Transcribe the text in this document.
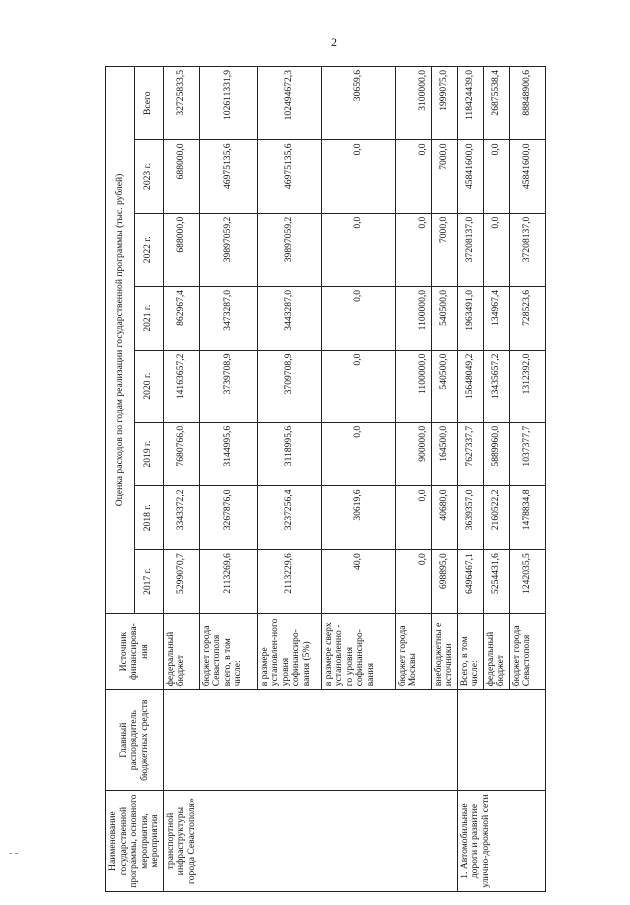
2
- -	Наименование государственной программы, основного мероприятия, мероприятия	Главный распорядитель бюджетных средств	Источник финансирова-ния	Оценка расходов по годам реализации государственной программы (тыс. рублей)							
			2017 г.	2018 г.	2019 г.	2020 г.	2021 г.	2022 г.	2023 г.	Всего
транспортной инфраструктуры города Севастополя»		федеральный бюджет	5299070,7	3343372,2	7680766,0	14163657,2	862967,4	688000,0	688000,0	32725833,5
		бюджет города Севастополя всего, в том числе:	2113269,6	3267876,0	3144995,6	3739708,9	3473287,0	39897059,2	46975135,6	102611331,9
		в размере установлен-ного уровня софинансиро-вания (5%)	2113229,6	3237256,4	3118995,6	3709708,9	3443287,0	39897059,2	46975135,6	102494672,3
		в размере сверх установленно - го уровня софинансиро-вания	40,0	30619,6	0,0	0,0	0,0	0,0	0,0	30659,6
		бюджет города Москвы	0,0	0,0	900000,0	1100000,0	1100000,0	0,0	0,0	3100000,0
		внебюджетны е источники	698895,0	40680,0	164500,0	540500,0	540500,0	7000,0	7000,0	1999075,0
1. Автомобильные дороги и развитие улично-дорожной сети		Всего, в том числе:	6496467,1	3639357,0	7627337,7	15648049,2	1963491,0	37208137,0	45841600,0	118424439,0
		федеральный бюджет	5254431,6	2160522,2	5889960,0	13435657,2	134967,4	0,0	0,0	26875538,4
		бюджет города Севастополя	1242035,5	1478834,8	1037377,7	1312392,0	728523,6	37208137,0	45841600,0	88848900,6
